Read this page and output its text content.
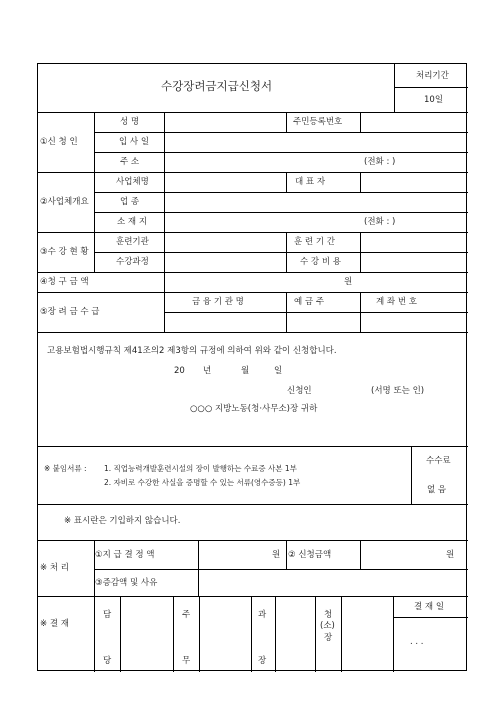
수강장려금지급신청서
처리기간
10일
①신 청 인
성 명	주민등록번호
입 사 일
주 소	(전화 : )
②사업체개요
사업체명	대 표 자
업 종
소 재 지	(전화 : )
③수 강 현 황
훈련기관	훈 련 기 간
수강과정	수 강 비 용
④청 구 금 액	원
⑤장 려 금 수 급
금 융 기 관 명	예 금 주	계 좌 번 호
고용보험법시행규칙 제41조의2 제3항의 규정에 의하여 위와 같이 신청합니다.
20 년	월	일
신청인	(서명 또는 인)
○○○ 지방노동(청·사무소)장 귀하
※ 붙임서류 : 1. 직업능력개발훈련시설의 장이 발행하는 수료증 사본 1부
2. 자비로 수강한 사실을 증명할 수 있는 서류(영수증등) 1부
수수료
없 음
※ 표시란은 기입하지 않습니다.
※ 처 리
①지 급 결 정 액	원 ② 신청금액	원
③증감액 및 사유
※ 결 재
담
당
주
무
과
장
청
(소)
장
결 재 일
. . .
